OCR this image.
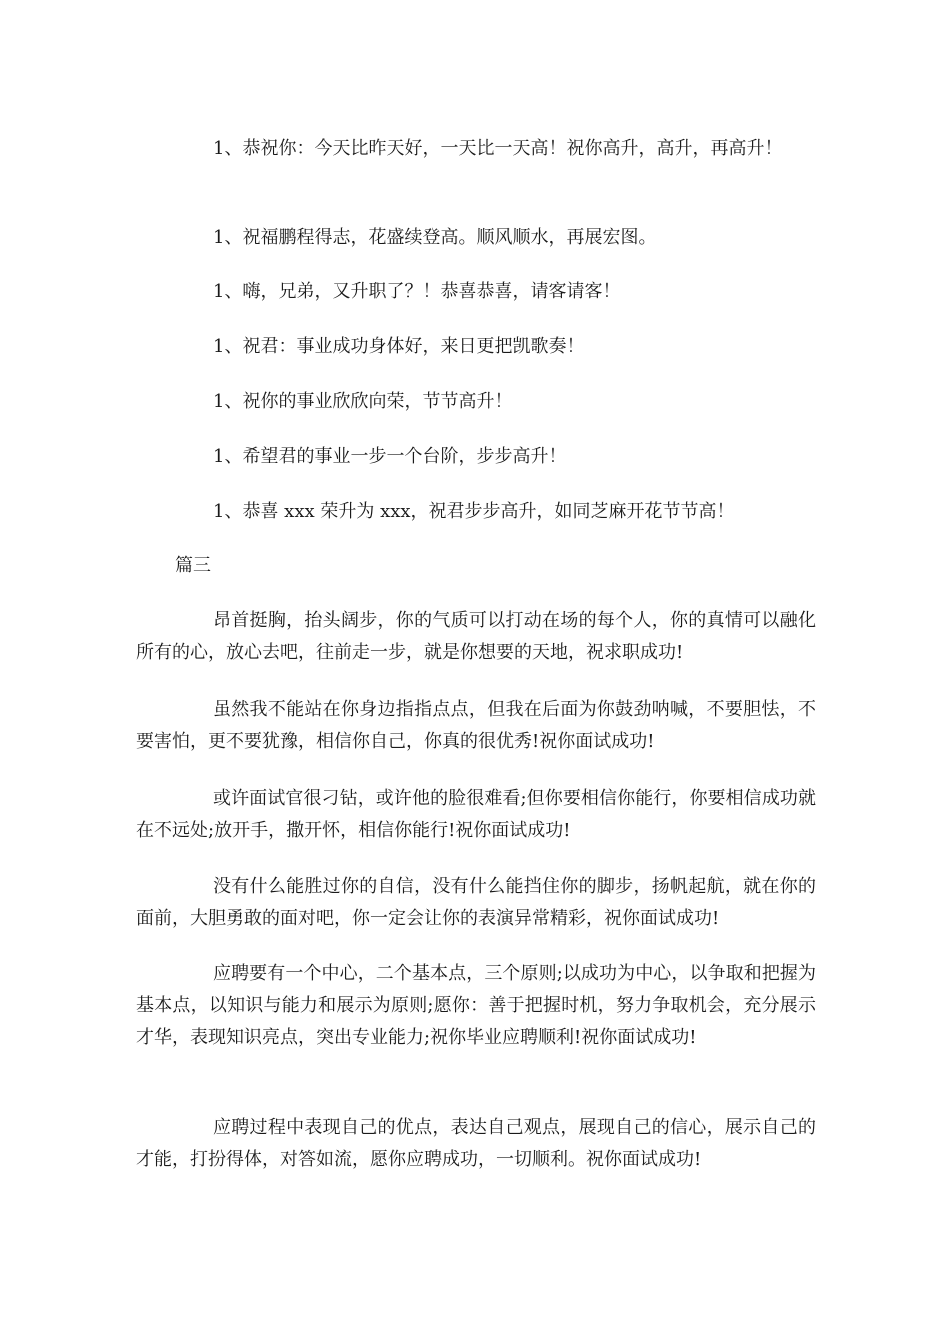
1、恭祝你：今天比昨天好，一天比一天高！祝你高升，高升，再高升！
1、祝福鹏程得志，花盛续登高。顺风顺水，再展宏图。
1、嗨，兄弟，又升职了？！恭喜恭喜，请客请客！
1、祝君：事业成功身体好，来日更把凯歌奏！
1、祝你的事业欣欣向荣，节节高升！
1、希望君的事业一步一个台阶，步步高升！
1、恭喜 xxx 荣升为 xxx，祝君步步高升，如同芝麻开花节节高！
篇三
昂首挺胸，抬头阔步，你的气质可以打动在场的每个人，你的真情可以融化所有的心，放心去吧，往前走一步，就是你想要的天地，祝求职成功!
虽然我不能站在你身边指指点点，但我在后面为你鼓劲呐喊，不要胆怯，不要害怕，更不要犹豫，相信你自己，你真的很优秀!祝你面试成功!
或许面试官很刁钻，或许他的脸很难看;但你要相信你能行，你要相信成功就在不远处;放开手，撒开怀，相信你能行!祝你面试成功!
没有什么能胜过你的自信，没有什么能挡住你的脚步，扬帆起航，就在你的面前，大胆勇敢的面对吧，你一定会让你的表演异常精彩，祝你面试成功!
应聘要有一个中心，二个基本点，三个原则;以成功为中心，以争取和把握为基本点，以知识与能力和展示为原则;愿你：善于把握时机，努力争取机会，充分展示才华，表现知识亮点，突出专业能力;祝你毕业应聘顺利!祝你面试成功!
应聘过程中表现自己的优点，表达自己观点，展现自己的信心，展示自己的才能，打扮得体，对答如流，愿你应聘成功，一切顺利。祝你面试成功!
